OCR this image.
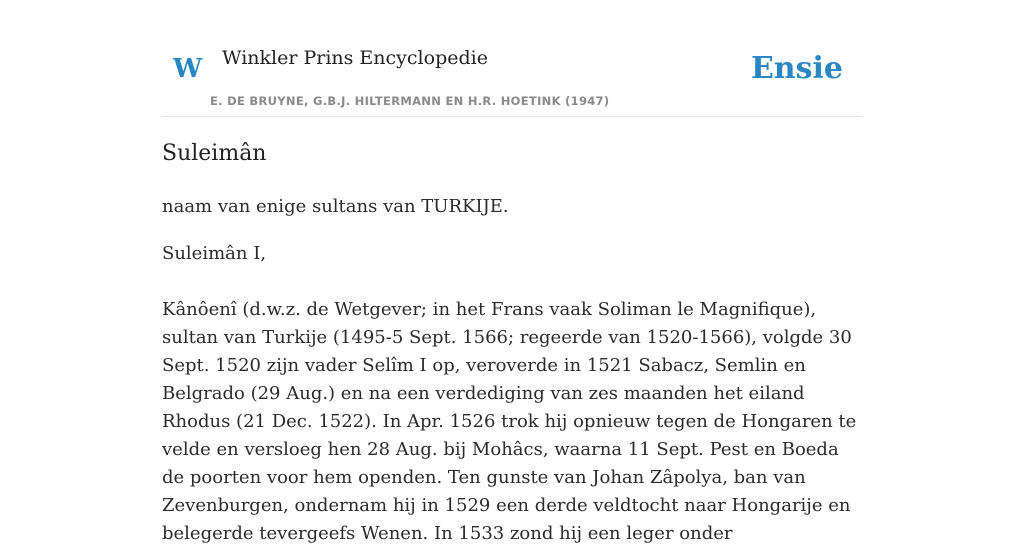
W Winkler Prins Encyclopedie
E. DE BRUYNE, G.B.J. HILTERMANN EN H.R. HOETINK (1947)
Ensie
Suleimân

naam van enige sultans van TURKIJE.

Suleimân I,

Kânôenî (d.w.z. de Wetgever; in het Frans vaak Soliman le Magnifique), sultan van Turkije (1495-5 Sept. 1566; regeerde van 1520-1566), volgde 30 Sept. 1520 zijn vader Selîm I op, veroverde in 1521 Sabacz, Semlin en Belgrado (29 Aug.) en na een verdediging van zes maanden het eiland Rhodus (21 Dec. 1522). In Apr. 1526 trok hij opnieuw tegen de Hongaren te velde en versloeg hen 28 Aug. bij Mohâcs, waarna 11 Sept. Pest en Boeda de poorten voor hem openden. Ten gunste van Johan Zâpolya, ban van Zevenburgen, ondernam hij in 1529 een derde veldtocht naar Hongarije en belegerde tevergeefs Wenen. In 1533 zond hij een leger onder
